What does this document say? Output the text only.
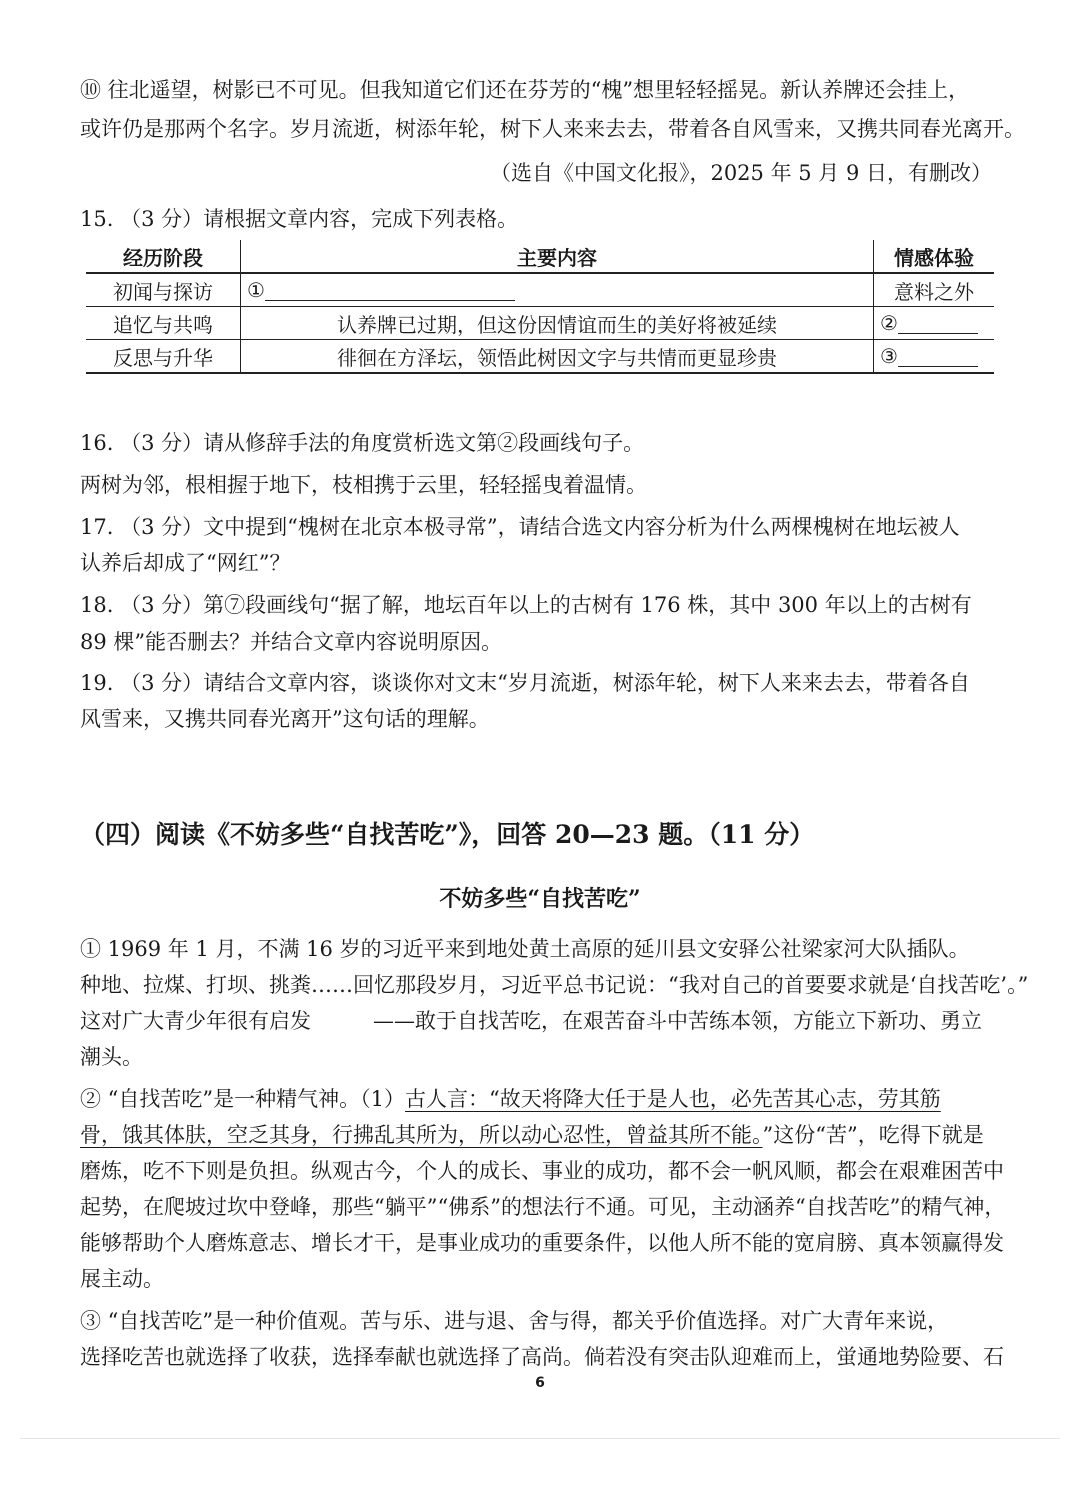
⑩ 往北遥望，树影已不可见。但我知道它们还在芬芳的“槐”想里轻轻摇晃。新认养牌还会挂上，
或许仍是那两个名字。岁月流逝，树添年轮，树下人来来去去，带着各自风雪来，又携共同春光离开。
（选自《中国文化报》，2025 年 5 月 9 日，有删改）
15. （3 分）请根据文章内容，完成下列表格。
经历阶段	主要内容	情感体验
初闻与探访	①	意料之外
追忆与共鸣	认养牌已过期，但这份因情谊而生的美好将被延续	②
反思与升华	徘徊在方泽坛，领悟此树因文字与共情而更显珍贵	③
16. （3 分）请从修辞手法的角度赏析选文第②段画线句子。
两树为邻，根相握于地下，枝相携于云里，轻轻摇曳着温情。
17. （3 分）文中提到“槐树在北京本极寻常”，请结合选文内容分析为什么两棵槐树在地坛被人
认养后却成了“网红”？
18. （3 分）第⑦段画线句“据了解，地坛百年以上的古树有 176 株，其中 300 年以上的古树有
89 棵”能否删去？并结合文章内容说明原因。
19. （3 分）请结合文章内容，谈谈你对文末“岁月流逝，树添年轮，树下人来来去去，带着各自
风雪来，又携共同春光离开”这句话的理解。
（四）阅读《不妨多些“自找苦吃”》，回答 20—23 题。（11 分）
不妨多些“自找苦吃”
① 1969 年 1 月，不满 16 岁的习近平来到地处黄土高原的延川县文安驿公社梁家河大队插队。
种地、拉煤、打坝、挑粪……回忆那段岁月，习近平总书记说：“我对自己的首要要求就是‘自找苦吃’。”
这对广大青少年很有启发	——敢于自找苦吃，在艰苦奋斗中苦练本领，方能立下新功、勇立
潮头。
② “自找苦吃”是一种精气神。（1）古人言：“故天将降大任于是人也，必先苦其心志，劳其筋
骨，饿其体肤，空乏其身，行拂乱其所为，所以动心忍性，曾益其所不能。”这份“苦”，吃得下就是
磨炼，吃不下则是负担。纵观古今，个人的成长、事业的成功，都不会一帆风顺，都会在艰难困苦中
起势，在爬坡过坎中登峰，那些“躺平”“佛系”的想法行不通。可见，主动涵养“自找苦吃”的精气神，
能够帮助个人磨炼意志、增长才干，是事业成功的重要条件，以他人所不能的宽肩膀、真本领赢得发
展主动。
③ “自找苦吃”是一种价值观。苦与乐、进与退、舍与得，都关乎价值选择。对广大青年来说，
选择吃苦也就选择了收获，选择奉献也就选择了高尚。倘若没有突击队迎难而上，蛍通地势险要、石
6
